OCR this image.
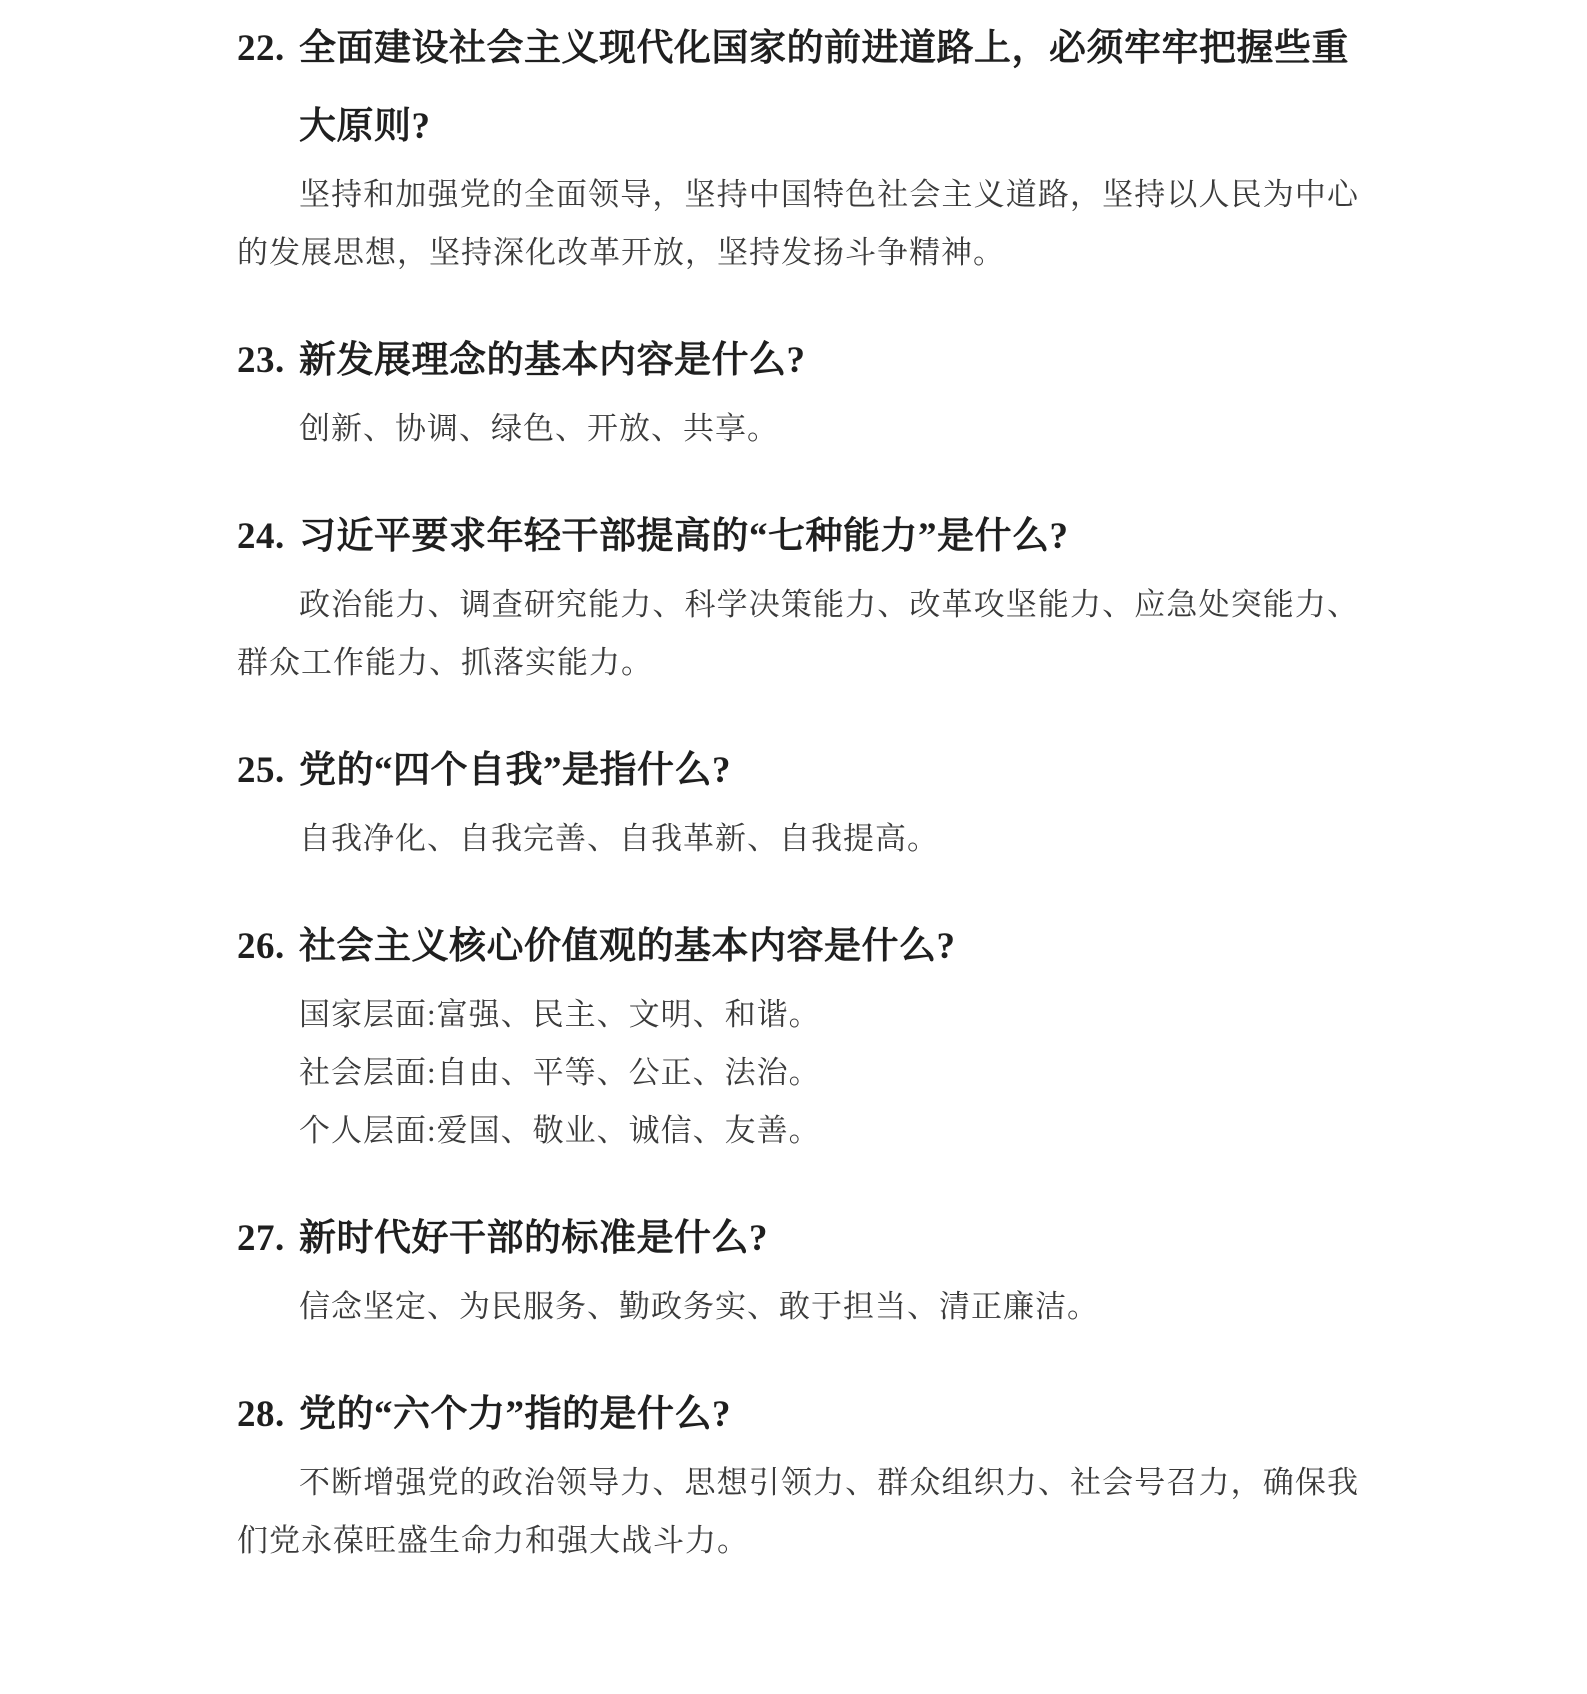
22. 全面建设社会主义现代化国家的前进道路上，必须牢牢把握些重大原则?

坚持和加强党的全面领导，坚持中国特色社会主义道路，坚持以人民为中心的发展思想，坚持深化改革开放，坚持发扬斗争精神。

23. 新发展理念的基本内容是什么?

创新、协调、绿色、开放、共享。

24. 习近平要求年轻干部提高的“七种能力”是什么?

政治能力、调查研究能力、科学决策能力、改革攻坚能力、应急处突能力、群众工作能力、抓落实能力。

25. 党的“四个自我”是指什么?

自我净化、自我完善、自我革新、自我提高。

26. 社会主义核心价值观的基本内容是什么?

国家层面:富强、民主、文明、和谐。

社会层面:自由、平等、公正、法治。

个人层面:爱国、敬业、诚信、友善。

27. 新时代好干部的标准是什么?

信念坚定、为民服务、勤政务实、敢于担当、清正廉洁。

28. 党的“六个力”指的是什么?

不断增强党的政治领导力、思想引领力、群众组织力、社会号召力，确保我们党永葆旺盛生命力和强大战斗力。
